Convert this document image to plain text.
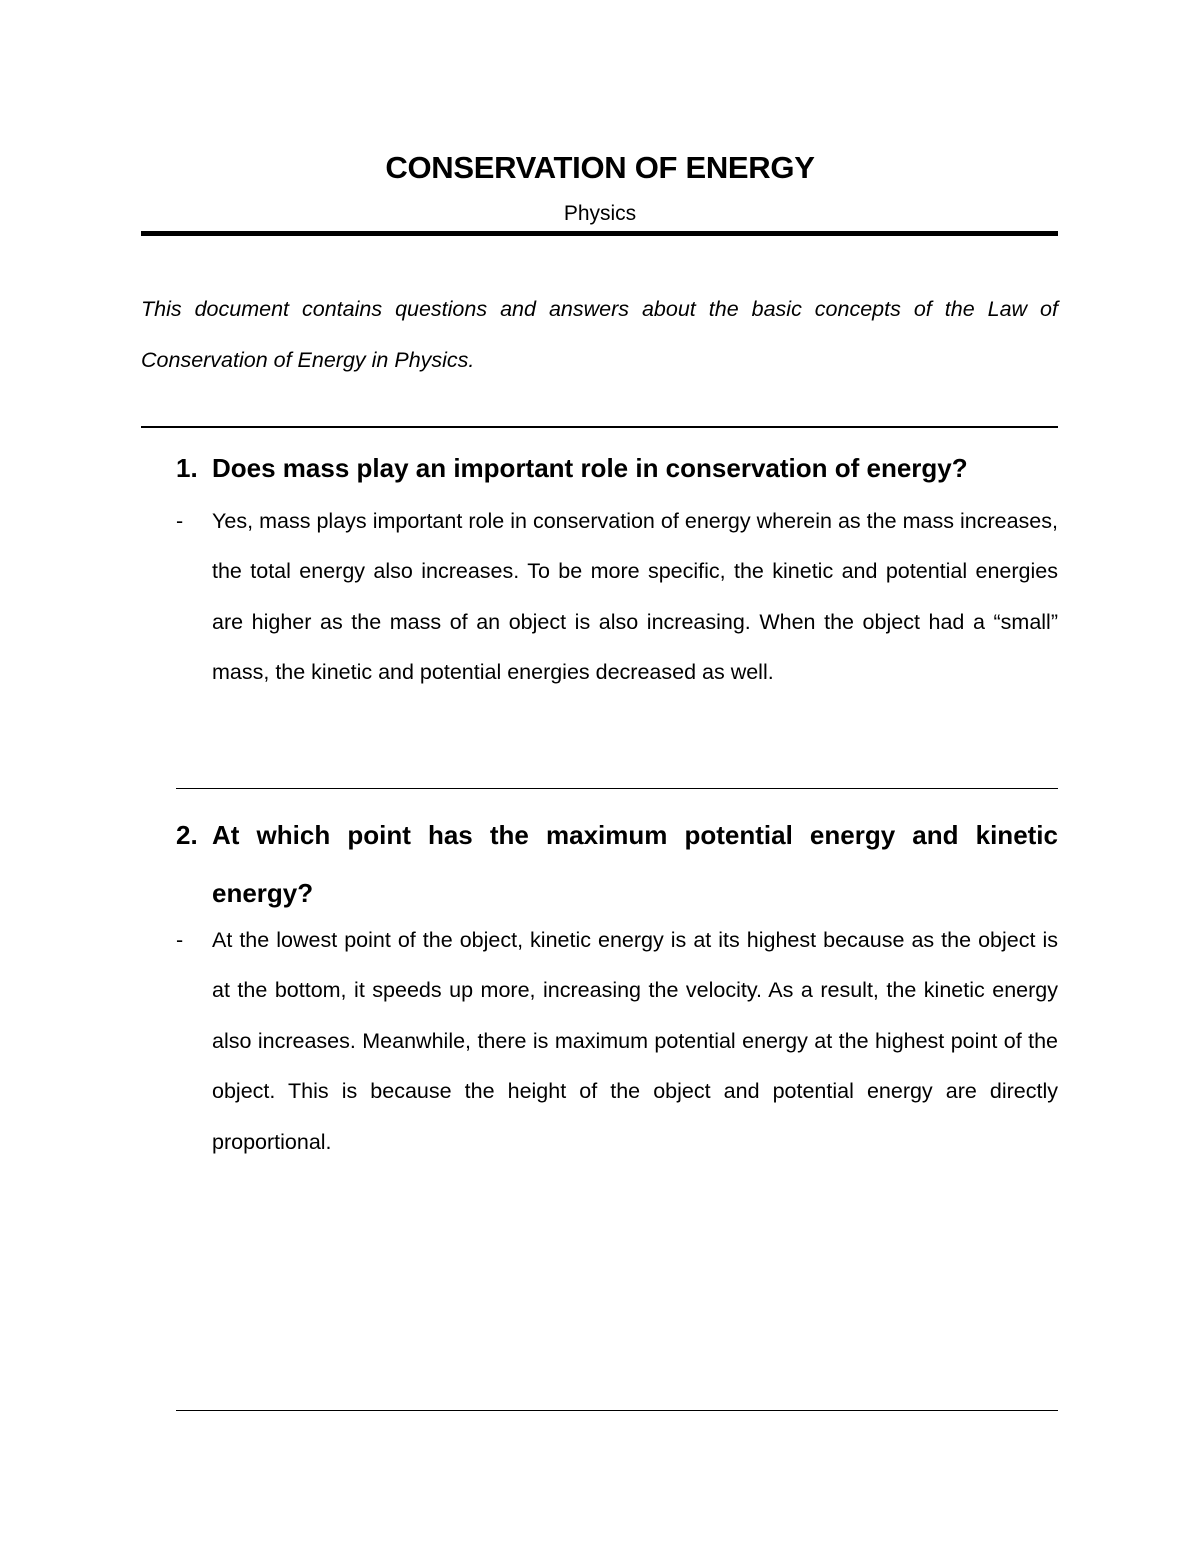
CONSERVATION OF ENERGY
Physics
This document contains questions and answers about the basic concepts of the Law of Conservation of Energy in Physics.
1. Does mass play an important role in conservation of energy?
- Yes, mass plays important role in conservation of energy wherein as the mass increases, the total energy also increases. To be more specific, the kinetic and potential energies are higher as the mass of an object is also increasing. When the object had a “small” mass, the kinetic and potential energies decreased as well.
2. At which point has the maximum potential energy and kinetic energy?
- At the lowest point of the object, kinetic energy is at its highest because as the object is at the bottom, it speeds up more, increasing the velocity. As a result, the kinetic energy also increases. Meanwhile, there is maximum potential energy at the highest point of the object. This is because the height of the object and potential energy are directly proportional.
